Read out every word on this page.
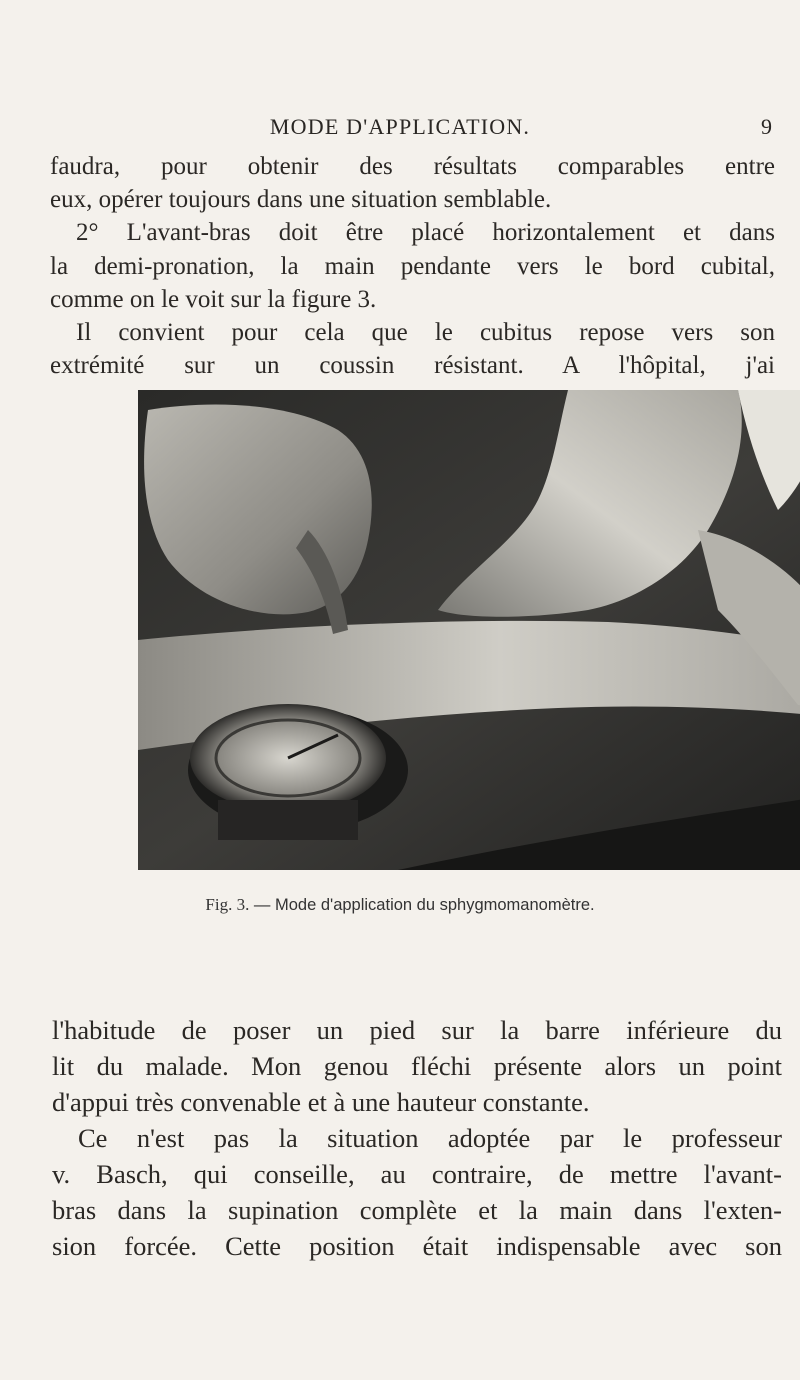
MODE D'APPLICATION.	9
faudra, pour obtenir des résultats comparables entre
eux, opérer toujours dans une situation semblable.
2° L'avant-bras doit être placé horizontalement et dans
la demi-pronation, la main pendante vers le bord cubital,
comme on le voit sur la figure 3.
Il convient pour cela que le cubitus repose vers son
extrémité sur un coussin résistant. A l'hôpital, j'ai
Fig. 3. — Mode d'application du sphygmomanomètre.
l'habitude de poser un pied sur la barre inférieure du
lit du malade. Mon genou fléchi présente alors un point
d'appui très convenable et à une hauteur constante.
Ce n'est pas la situation adoptée par le professeur
v. Basch, qui conseille, au contraire, de mettre l'avant-
bras dans la supination complète et la main dans l'exten-
sion forcée. Cette position était indispensable avec son
